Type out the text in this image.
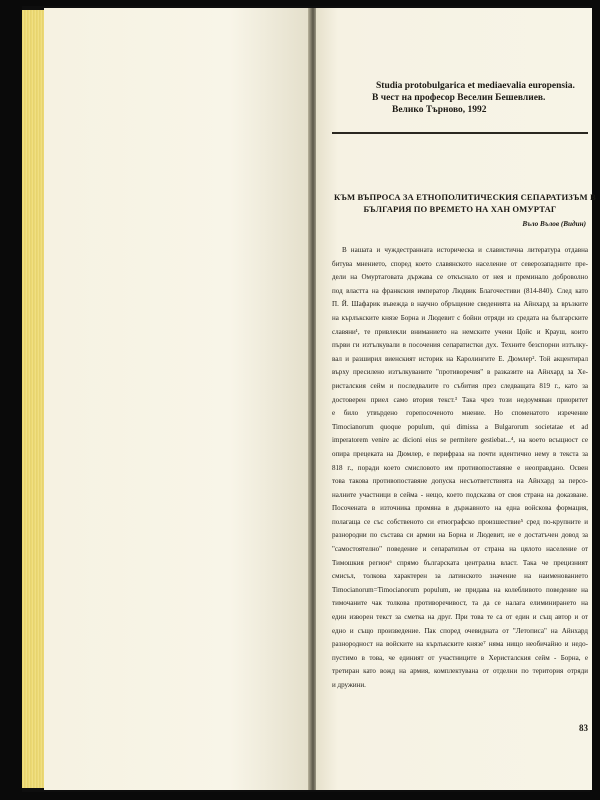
Studia protobulgarica et mediaevalia europensia.
В чест на професор Веселин Бешевлиев.
Велико Търново, 1992
КЪМ ВЪПРОСА ЗА ЕТНОПОЛИТИЧЕСКИЯ СЕПАРАТИЗЪМ В
БЪЛГАРИЯ ПО ВРЕМЕТО НА ХАН ОМУРТАГ
Вълo Вълов (Видин)
В нашата и чуждестранната историческа и славистична литература отдавна
битува мнението, според което славянското население от северозападните пре-
дели на Омуртаговата държава се откъснало от нея и преминало доброволно
под властта на франкския император Людвик Благочестиви (814-840). След като
П. Й. Шафарик въвежда в научно обръщение сведенията на Айнхард за връзките
на кърлъкските князе Борна и Людевит с бойни отряди из средата на българските
славяни¹, те привлекли вниманието на немските учени Цойс и Крауш, които
първи ги изтълкували в посочения сепаратистки дух. Техните безспорни изтълку-
вал и разширил виенският историк на Каролингите Е. Дюмлер². Той акцентирал
върху пресилено изтълкуваните "противоречия" в разказите на Айнхард за Хе-
ристалския сейм и последвалите го събития през следващата 819 г., като за
достоверен приел само втория текст.³ Така чрез този недоумяван приоритет
е било утвърдено горепосоченото мнение. Но споменатото изречение
Timocianorum quoque populum, qui dimissa a Bulgarorum societatae et ad
imperatorem venire ac dicioni eius se permitere gestiebat...⁴, на което всъщност се
опира прецеката на Дюмлер, е перифраза на почти идентично нему в текста за
818 г., поради което смисловото им противопоставяне е неоправдано. Освен
това такова противопоставяне допуска несъответствията на Айнхард за персо-
налните участници в сейма - нещо, което подсказва от своя страна на доказване.
Посочената в източника промяна в държавното на една войскова формация,
полагаща се със собственото си етнографско произшествие⁵ сред по-крупните и
разнородни по състава си армии на Борна и Людевит, не е достатъчен довод за
"самостоятелно" поведение и сепаратизъм от страна на цялото население от
Тимошкия регион⁶ спрямо българската централна власт. Така че прецизният
смисъл, толкова характерен за латинското значение на наименованието
Timocianorum=Timocianorum populum, не придава на колебливото поведение на
тимочаните чак толкова противоречивост, та да се налага елиминирането на
един изворен текст за сметка на друг. При това те са от един и същ автор и от
едно и също произведение. Пак според очевидната от "Летописа" на Айнхард
разнородност на войските на кърлъкските князе⁷ няма нищо необичайно и недо-
пустимо в това, че единият от участниците в Херисталския сейм - Борна, е
третиран като вожд на армия, комплектувана от отделни по територия отряди
и дружини.
83
